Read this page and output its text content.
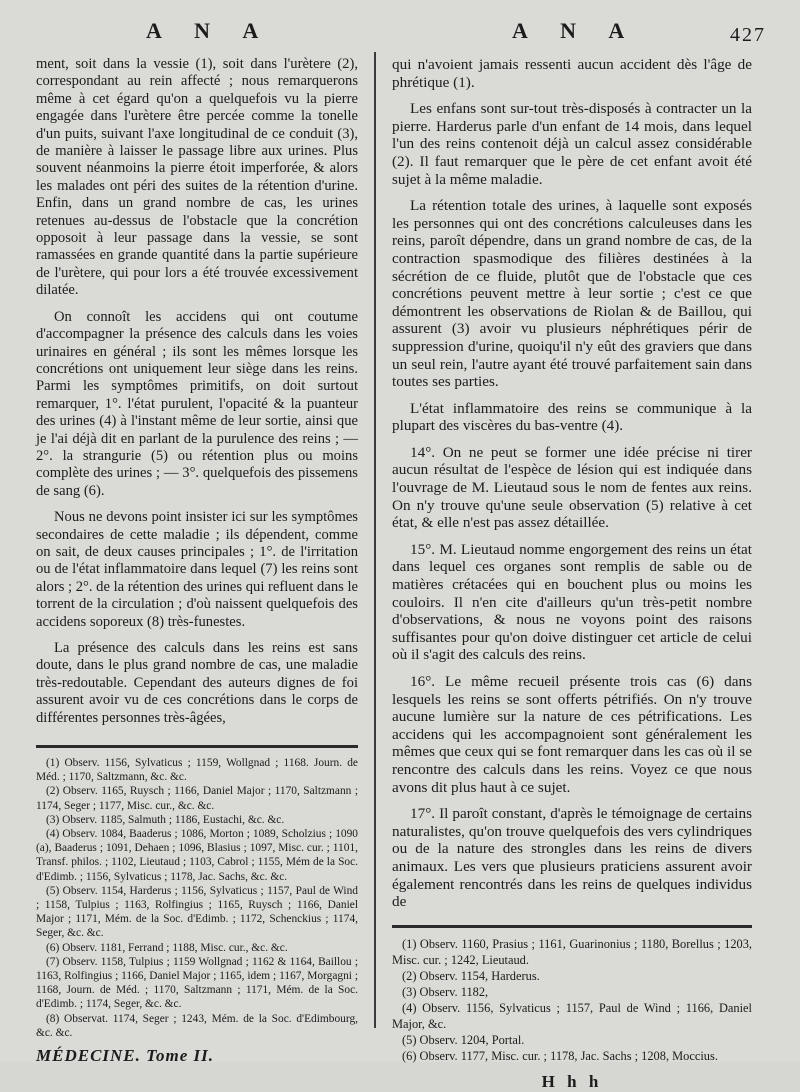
A N A	A N A	427

ment, soit dans la vessie (1), soit dans l'urètere (2), correspondant au rein affecté ; nous remarquerons même à cet égard qu'on a quelquefois vu la pierre engagée dans l'urètere être percée comme la tonelle d'un puits, suivant l'axe longitudinal de ce conduit (3), de manière à laisser le passage libre aux urines. Plus souvent néanmoins la pierre étoit imperforée, & alors les malades ont péri des suites de la rétention d'urine. Enfin, dans un grand nombre de cas, les urines retenues au-dessus de l'obstacle que la concrétion opposoit à leur passage dans la vessie, se sont ramassées en grande quantité dans la partie supérieure de l'urètere, qui pour lors a été trouvée excessivement dilatée.

On connoît les accidens qui ont coutume d'accompagner la présence des calculs dans les voies urinaires en général ; ils sont les mêmes lorsque les concrétions ont uniquement leur siège dans les reins. Parmi les symptômes primitifs, on doit surtout remarquer, 1°. l'état purulent, l'opacité & la puanteur des urines (4) à l'instant même de leur sortie, ainsi que je l'ai déjà dit en parlant de la purulence des reins ; — 2°. la strangurie (5) ou rétention plus ou moins complète des urines ; — 3°. quelquefois des pissemens de sang (6).

Nous ne devons point insister ici sur les symptômes secondaires de cette maladie ; ils dépendent, comme on sait, de deux causes principales ; 1°. de l'irritation ou de l'état inflammatoire dans lequel (7) les reins sont alors ; 2°. de la rétention des urines qui refluent dans le torrent de la circulation ; d'où naissent quelquefois des accidens soporeux (8) très-funestes.

La présence des calculs dans les reins est sans doute, dans le plus grand nombre de cas, une maladie très-redoutable. Cependant des auteurs dignes de foi assurent avoir vu de ces concrétions dans le corps de différentes personnes très-âgées,

(1) Observ. 1156, Sylvaticus ; 1159, Wollgnad ; 1168. Journ. de Méd. ; 1170, Saltzmann, &c. &c.
(2) Observ. 1165, Ruysch ; 1166, Daniel Major ; 1170, Saltzmann ; 1174, Seger ; 1177, Misc. cur., &c. &c.
(3) Observ. 1185, Salmuth ; 1186, Eustachi, &c. &c.
(4) Observ. 1084, Baaderus ; 1086, Morton ; 1089, Scholzius ; 1090 (a), Baaderus ; 1091, Dehaen ; 1096, Blasius ; 1097, Misc. cur. ; 1101, Transf. philos. ; 1102, Lieutaud ; 1103, Cabrol ; 1155, Mém de la Soc. d'Edimb. ; 1156, Sylvaticus ; 1178, Jac. Sachs, &c. &c.
(5) Observ. 1154, Harderus ; 1156, Sylvaticus ; 1157, Paul de Wind ; 1158, Tulpius ; 1163, Rolfingius ; 1165, Ruysch ; 1166, Daniel Major ; 1171, Mém. de la Soc. d'Edimb. ; 1172, Schenckius ; 1174, Seger, &c. &c.
(6) Observ. 1181, Ferrand ; 1188, Misc. cur., &c. &c.
(7) Observ. 1158, Tulpius ; 1159 Wollgnad ; 1162 & 1164, Baillou ; 1163, Rolfingius ; 1166, Daniel Major ; 1165, idem ; 1167, Morgagni ; 1168, Journ. de Méd. ; 1170, Saltzmann ; 1171, Mém. de la Soc. d'Edimb. ; 1174, Seger, &c. &c.
(8) Observat. 1174, Seger ; 1243, Mém. de la Soc. d'Edimbourg, &c. &c.
MÉDECINE. Tome II.

qui n'avoient jamais ressenti aucun accident dès l'âge de phrétique (1).

Les enfans sont sur-tout très-disposés à contracter un la pierre. Harderus parle d'un enfant de 14 mois, dans lequel l'un des reins contenoit déjà un calcul assez considérable (2). Il faut remarquer que le père de cet enfant avoit été sujet à la même maladie.

La rétention totale des urines, à laquelle sont exposés les personnes qui ont des concrétions calculeuses dans les reins, paroît dépendre, dans un grand nombre de cas, de la contraction spasmodique des filières destinées à la sécrétion de ce fluide, plutôt que de l'obstacle que ces concrétions peuvent mettre à leur sortie ; c'est ce que démontrent les observations de Riolan & de Baillou, qui assurent (3) avoir vu plusieurs néphrétiques périr de suppression d'urine, quoiqu'il n'y eût des graviers que dans un seul rein, l'autre ayant été trouvé parfaitement sain dans toutes ses parties.

L'état inflammatoire des reins se communique à la plupart des viscères du bas-ventre (4).

14°. On ne peut se former une idée précise ni tirer aucun résultat de l'espèce de lésion qui est indiquée dans l'ouvrage de M. Lieutaud sous le nom de fentes aux reins. On n'y trouve qu'une seule observation (5) relative à cet état, & elle n'est pas assez détaillée.

15°. M. Lieutaud nomme engorgement des reins un état dans lequel ces organes sont remplis de sable ou de matières crétacées qui en bouchent plus ou moins les couloirs. Il n'en cite d'ailleurs qu'un très-petit nombre d'observations, & nous ne voyons point des raisons suffisantes pour qu'on doive distinguer cet article de celui où il s'agit des calculs des reins.

16°. Le même recueil présente trois cas (6) dans lesquels les reins se sont offerts pétrifiés. On n'y trouve aucune lumière sur la nature de ces pétrifications. Les accidens qui les accompagnoient sont généralement les mêmes que ceux qui se font remarquer dans les cas où il se rencontre des calculs dans les reins. Voyez ce que nous avons dit plus haut à ce sujet.

17°. Il paroît constant, d'après le témoignage de certains naturalistes, qu'on trouve quelquefois des vers cylindriques ou de la nature des strongles dans les reins de divers animaux. Les vers que plusieurs praticiens assurent avoir également rencontrés dans les reins de quelques individus de

(1) Observ. 1160, Prasius ; 1161, Guarinonius ; 1180, Borellus ; 1203, Misc. cur. ; 1242, Lieutaud.
(2) Observ. 1154, Harderus.
(3) Observ. 1182,
(4) Observ. 1156, Sylvaticus ; 1157, Paul de Wind ; 1166, Daniel Major, &c.
(5) Observ. 1204, Portal.
(6) Observ. 1177, Misc. cur. ; 1178, Jac. Sachs ; 1208, Moccius.
H h h
